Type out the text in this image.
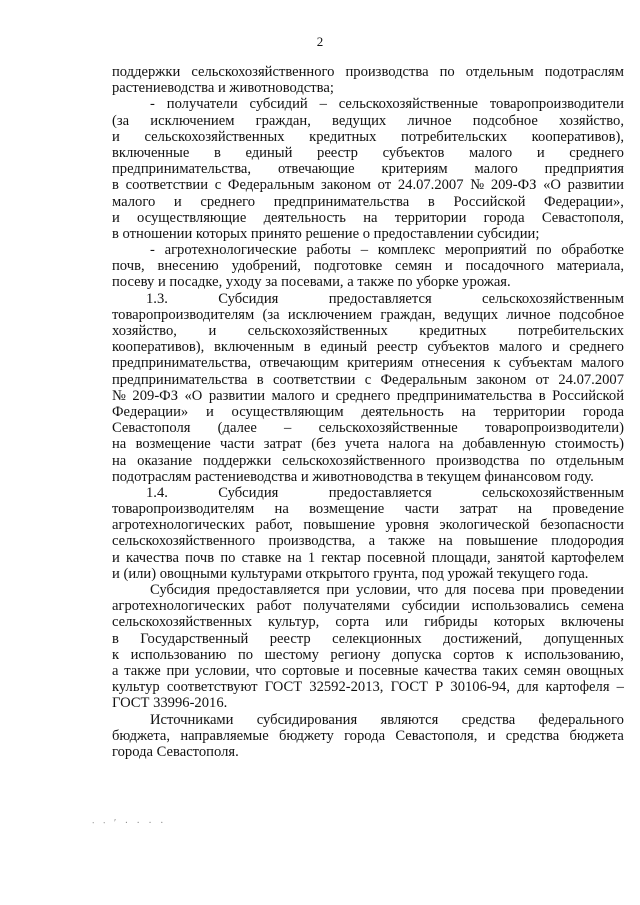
2
поддержки сельскохозяйственного производства по отдельным подотраслям
растениеводства и животноводства;
- получатели субсидий – сельскохозяйственные товаропроизводители
(за исключением граждан, ведущих личное подсобное хозяйство,
и сельскохозяйственных кредитных потребительских кооперативов),
включенные в единый реестр субъектов малого и среднего
предпринимательства, отвечающие критериям малого предприятия
в соответствии с Федеральным законом от 24.07.2007 № 209-ФЗ «О развитии
малого и среднего предпринимательства в Российской Федерации»,
и осуществляющие деятельность на территории города Севастополя,
в отношении которых принято решение о предоставлении субсидии;
- агротехнологические работы – комплекс мероприятий по обработке
почв, внесению удобрений, подготовке семян и посадочного материала,
посеву и посадке, уходу за посевами, а также по уборке урожая.
1.3.	Субсидия	предоставляется	сельскохозяйственным
товаропроизводителям (за исключением граждан, ведущих личное подсобное
хозяйство, и сельскохозяйственных кредитных потребительских
кооперативов), включенным в единый реестр субъектов малого и среднего
предпринимательства, отвечающим критериям отнесения к субъектам малого
предпринимательства в соответствии с Федеральным законом от 24.07.2007
№ 209-ФЗ «О развитии малого и среднего предпринимательства в Российской
Федерации» и осуществляющим деятельность на территории города
Севастополя (далее – сельскохозяйственные товаропроизводители)
на возмещение части затрат (без учета налога на добавленную стоимость)
на оказание поддержки сельскохозяйственного производства по отдельным
подотраслям растениеводства и животноводства в текущем финансовом году.
1.4.	Субсидия	предоставляется	сельскохозяйственным
товаропроизводителям на возмещение части затрат на проведение
агротехнологических работ, повышение уровня экологической безопасности
сельскохозяйственного производства, а также на повышение плодородия
и качества почв по ставке на 1 гектар посевной площади, занятой картофелем
и (или) овощными культурами открытого грунта, под урожай текущего года.
Субсидия предоставляется при условии, что для посева при проведении
агротехнологических работ получателями субсидии использовались семена
сельскохозяйственных культур, сорта или гибриды которых включены
в Государственный реестр селекционных достижений, допущенных
к использованию по шестому региону допуска сортов к использованию,
а также при условии, что сортовые и посевные качества таких семян овощных
культур соответствуют ГОСТ 32592-2013, ГОСТ Р 30106-94, для картофеля –
ГОСТ 33996-2016.
Источниками субсидирования являются средства федерального
бюджета, направляемые бюджету города Севастополя, и средства бюджета
города Севастополя.
∙ ∙ ʹ · · · ·
